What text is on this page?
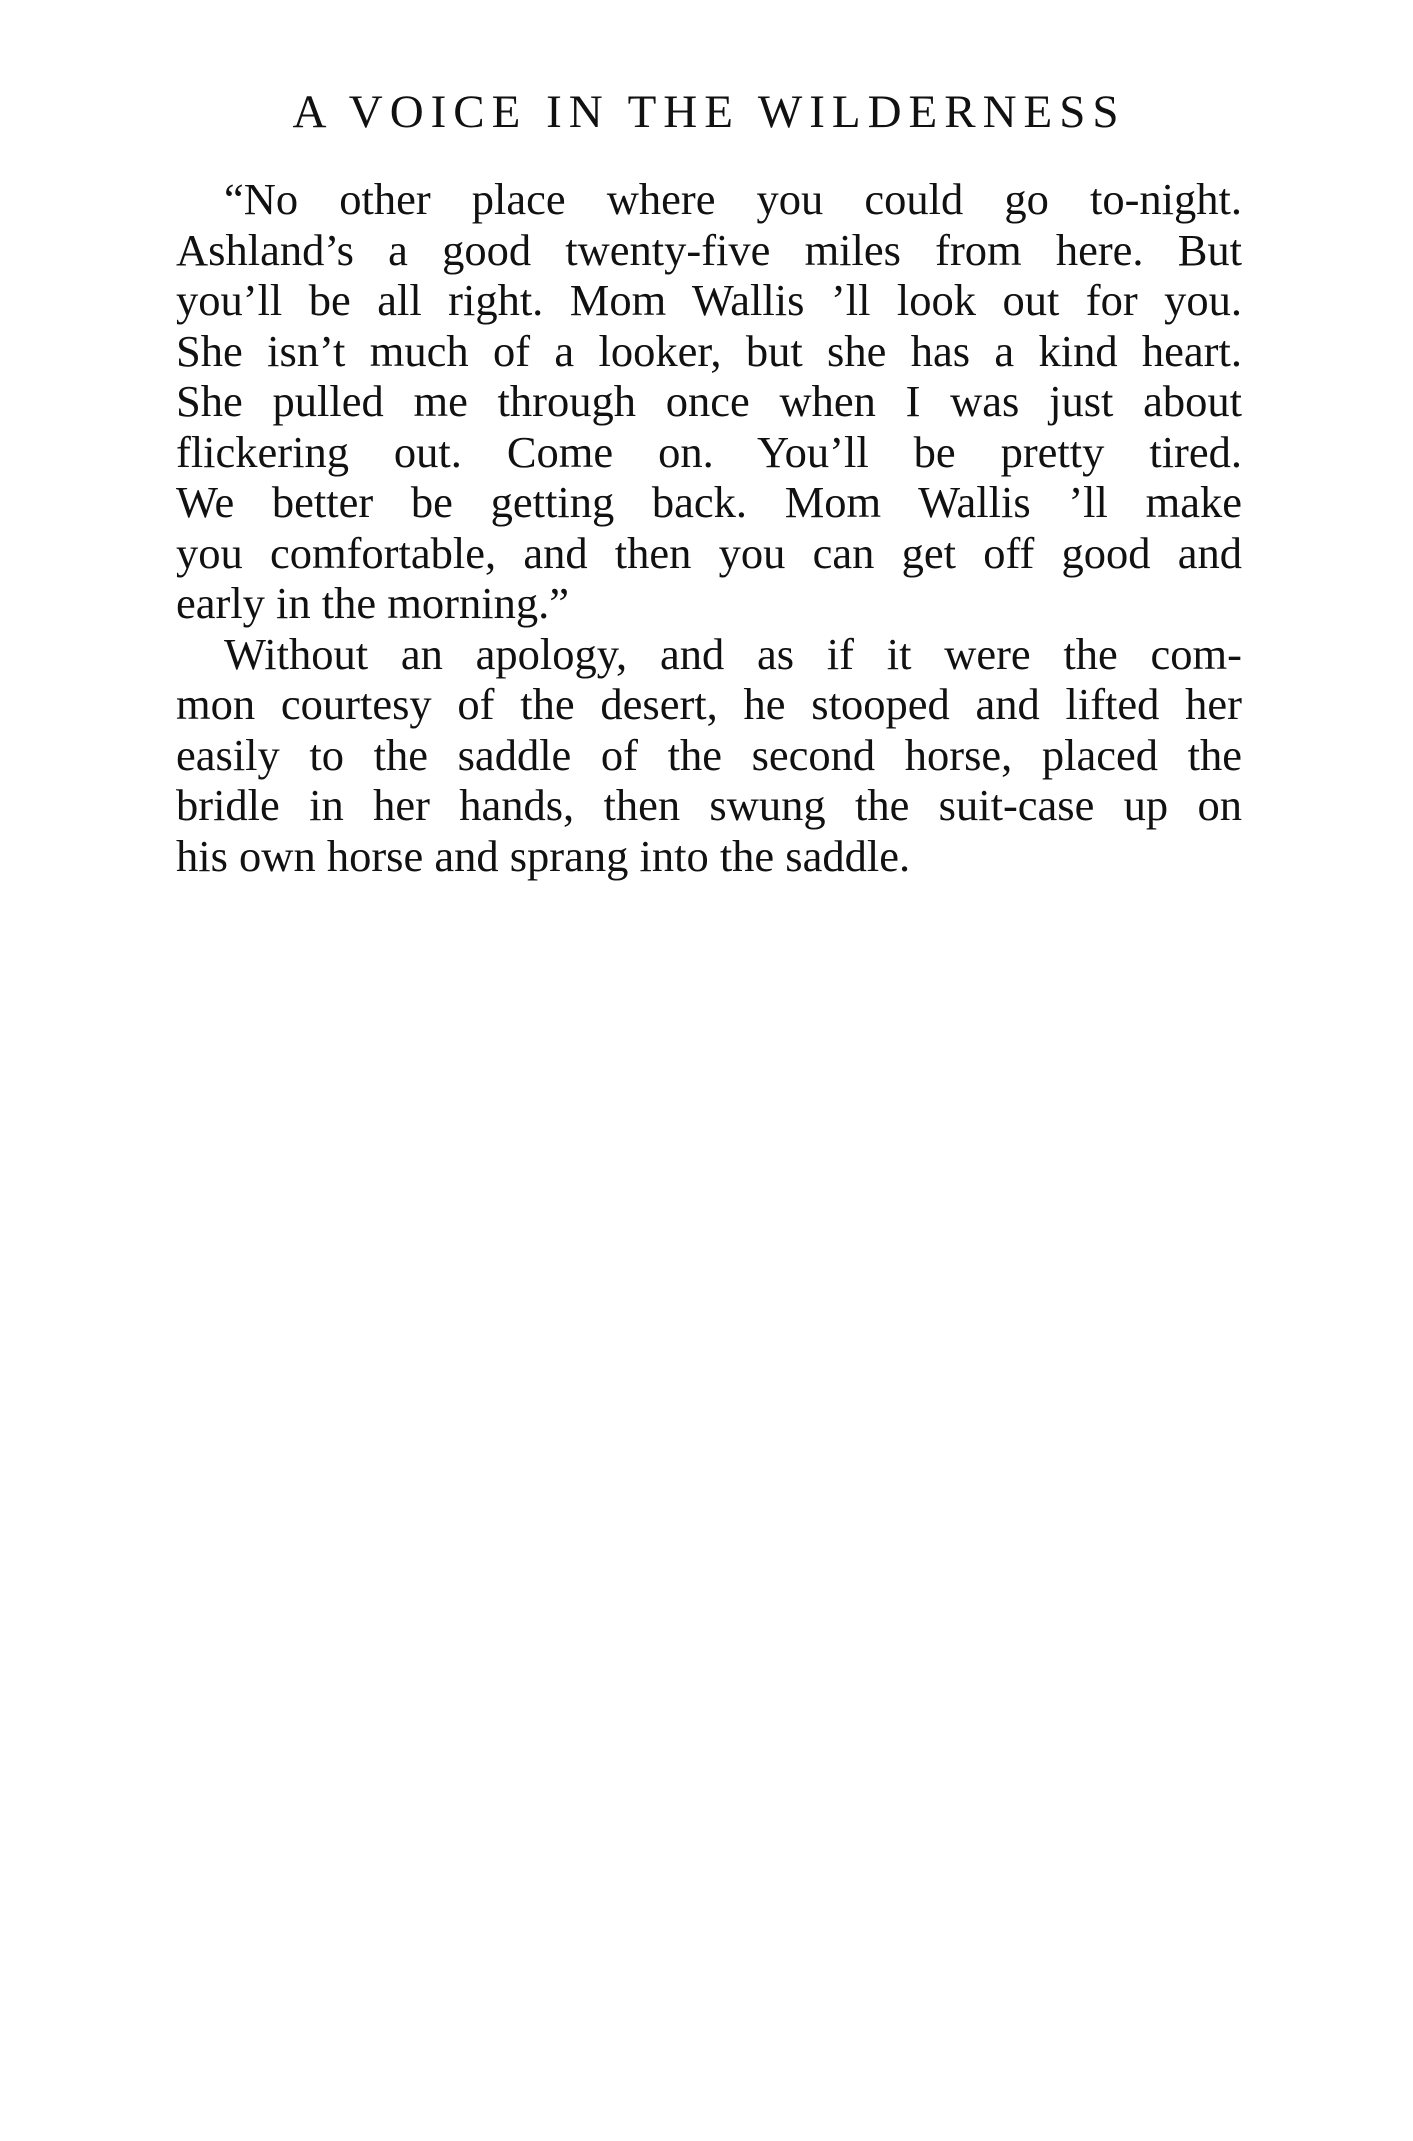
A VOICE IN THE WILDERNESS
“No other place where you could go to-night.
Ashland’s a good twenty-five miles from here. But
you’ll be all right. Mom Wallis ’ll look out for you.
She isn’t much of a looker, but she has a kind heart.
She pulled me through once when I was just about
flickering out. Come on. You’ll be pretty tired.
We better be getting back. Mom Wallis ’ll make
you comfortable, and then you can get off good and
early in the morning.”
Without an apology, and as if it were the com-
mon courtesy of the desert, he stooped and lifted her
easily to the saddle of the second horse, placed the
bridle in her hands, then swung the suit-case up on
his own horse and sprang into the saddle.
